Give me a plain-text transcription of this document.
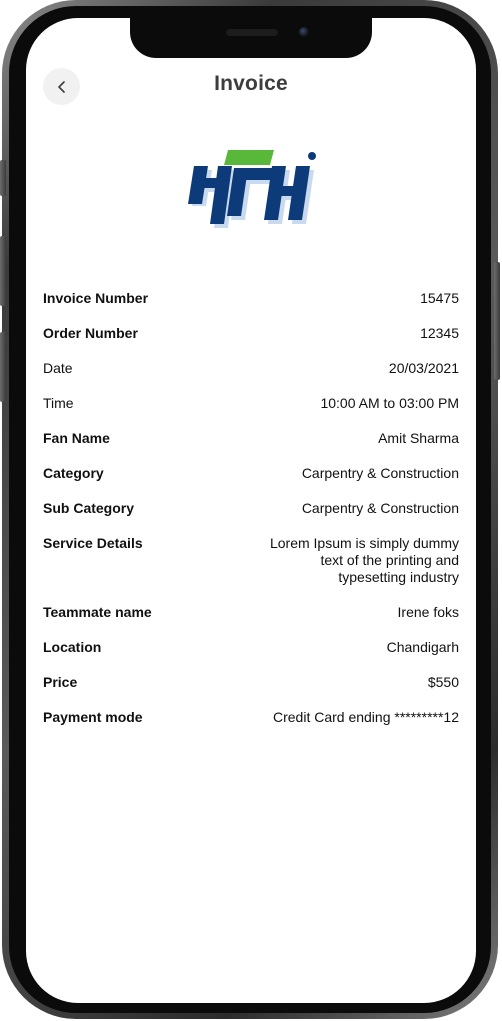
Invoice
Invoice Number	15475
Order Number	12345
Date	20/03/2021
Time	10:00 AM to 03:00 PM
Fan Name	Amit Sharma
Category	Carpentry & Construction
Sub Category	Carpentry & Construction
Service Details	Lorem Ipsum is simply dummy text of the printing and typesetting industry
Teammate name	Irene foks
Location	Chandigarh
Price	$550
Payment mode	Credit Card ending *********12
